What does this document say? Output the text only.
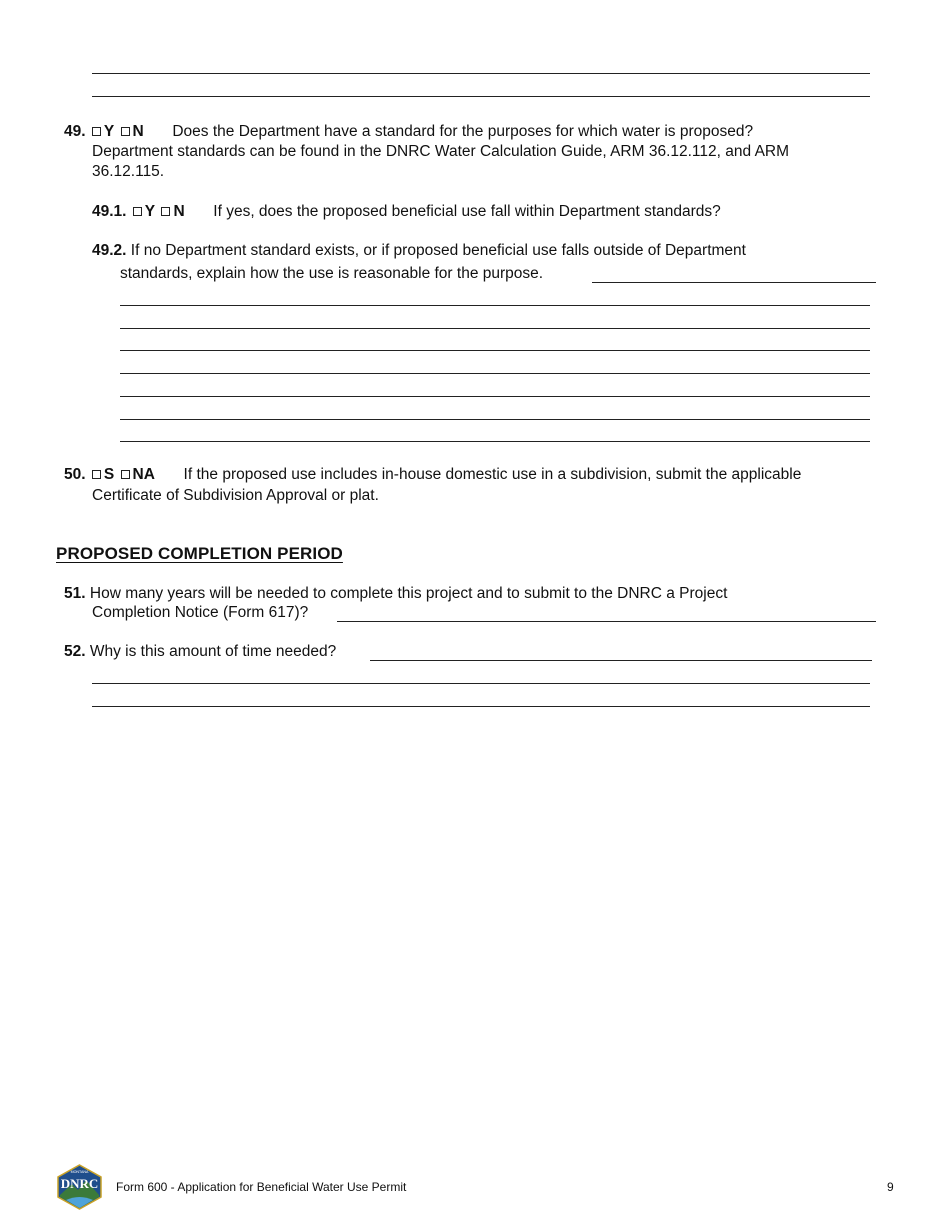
49. Y N Does the Department have a standard for the purposes for which water is proposed?
Department standards can be found in the DNRC Water Calculation Guide, ARM 36.12.112, and ARM
36.12.115.
49.1. Y N If yes, does the proposed beneficial use fall within Department standards?
49.2. If no Department standard exists, or if proposed beneficial use falls outside of Department
standards, explain how the use is reasonable for the purpose.
50. S NA If the proposed use includes in-house domestic use in a subdivision, submit the applicable
Certificate of Subdivision Approval or plat.
PROPOSED COMPLETION PERIOD
51. How many years will be needed to complete this project and to submit to the DNRC a Project
Completion Notice (Form 617)?
52. Why is this amount of time needed?
MONTANA
DNRC Form 600 - Application for Beneficial Water Use Permit	9
